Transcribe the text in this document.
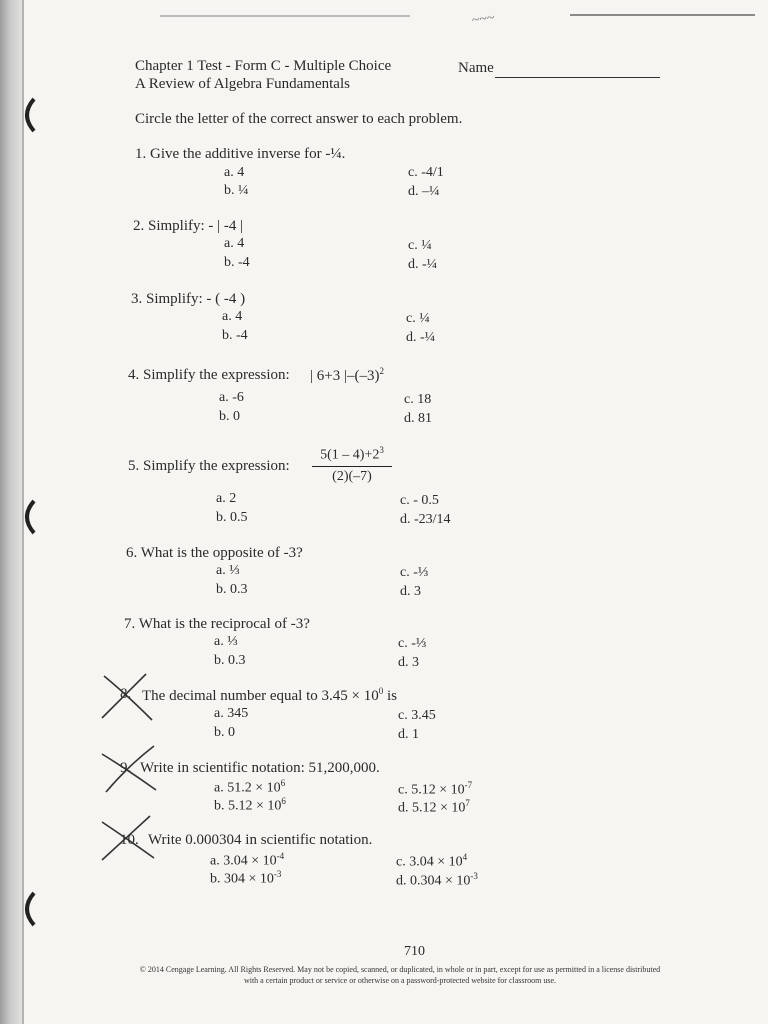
~~~
Chapter 1 Test - Form C - Multiple Choice
A Review of Algebra Fundamentals
Name
Circle the letter of the correct answer to each problem.
1. Give the additive inverse for -¼.
a. 4
b. ¼
c. -4/1
d. –¼
2. Simplify: - | -4 |
a. 4
b. -4
c. ¼
d. -¼
3. Simplify: - ( -4 )
a. 4
b. -4
c. ¼
d. -¼
4. Simplify the expression: | 6+3 $|-(-3)^2$
a. -6
b. 0
c. 18
d. 81
5. Simplify the expression:
$5(1 - 4)+2^3$
(2)(–7)
a. 2
b. 0.5
c. - 0.5
d. -23/14
6. What is the opposite of -3?
a. ⅓
b. 0.3
c. -⅓
d. 3
7. What is the reciprocal of -3?
a. ⅓
b. 0.3
c. -⅓
d. 3
8. The decimal number equal to $3.45 \times 10^0$ is
a. 345
b. 0
c. 3.45
d. 1
9. Write in scientific notation: 51,200,000.
a. $51.2 \times 10^6$
b. $5.12 \times 10^6$
c. $5.12 \times 10^{-7}$
d. $5.12 \times 10^7$
10. Write 0.000304 in scientific notation.
a. $3.04 \times 10^{-4}$
b. $304 \times 10^{-3}$
c. $3.04 \times 10^4$
d. $0.304 \times 10^{-3}$
710
© 2014 Cengage Learning. All Rights Reserved. May not be copied, scanned, or duplicated, in whole or in part, except for use as permitted in a license distributed
with a certain product or service or otherwise on a password-protected website for classroom use.
